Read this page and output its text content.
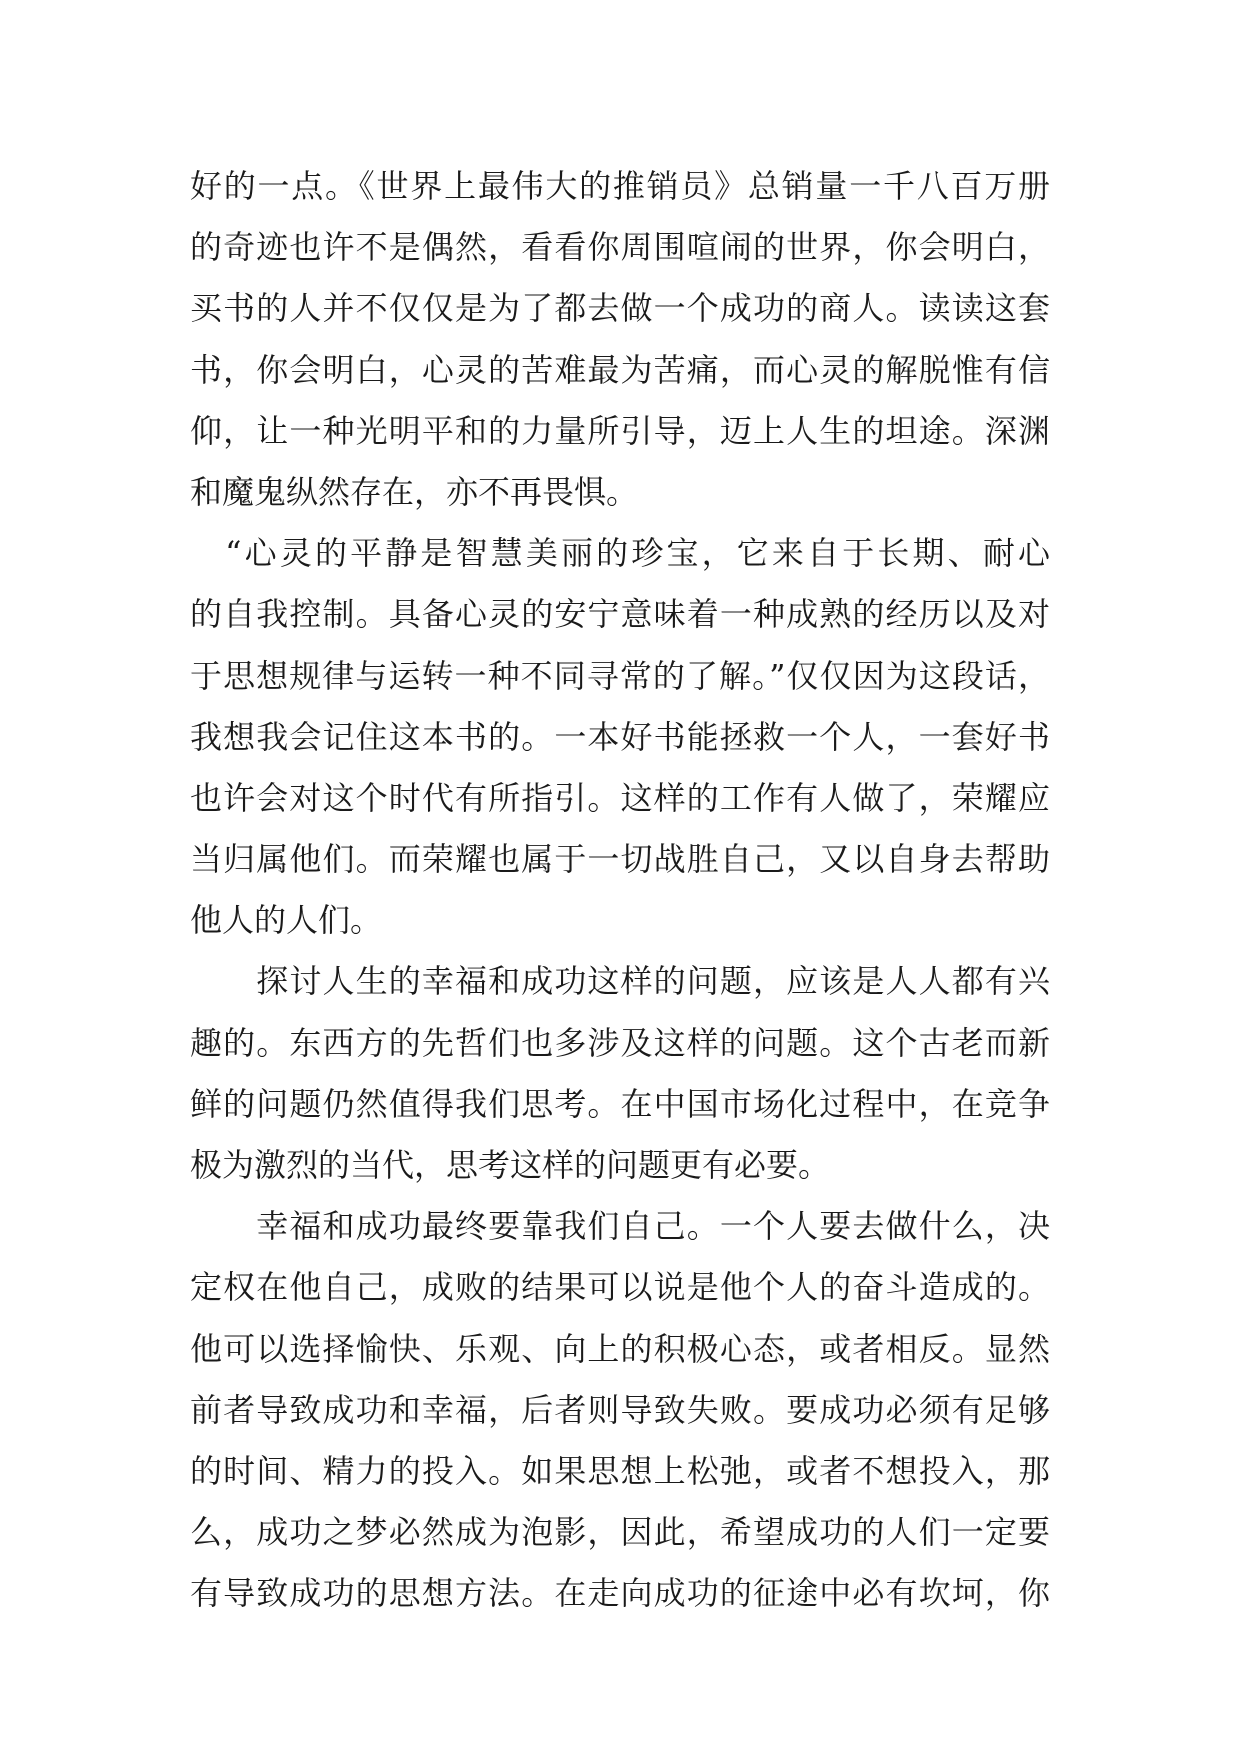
好的一点。《世界上最伟大的推销员》总销量一千八百万册
的奇迹也许不是偶然，看看你周围喧闹的世界，你会明白，
买书的人并不仅仅是为了都去做一个成功的商人。读读这套
书，你会明白，心灵的苦难最为苦痛，而心灵的解脱惟有信
仰，让一种光明平和的力量所引导，迈上人生的坦途。深渊
和魔鬼纵然存在，亦不再畏惧。
　“心灵的平静是智慧美丽的珍宝，它来自于长期、耐心
的自我控制。具备心灵的安宁意味着一种成熟的经历以及对
于思想规律与运转一种不同寻常的了解。”仅仅因为这段话，
我想我会记住这本书的。一本好书能拯救一个人，一套好书
也许会对这个时代有所指引。这样的工作有人做了，荣耀应
当归属他们。而荣耀也属于一切战胜自己，又以自身去帮助
他人的人们。
　　探讨人生的幸福和成功这样的问题，应该是人人都有兴
趣的。东西方的先哲们也多涉及这样的问题。这个古老而新
鲜的问题仍然值得我们思考。在中国市场化过程中，在竞争
极为激烈的当代，思考这样的问题更有必要。
　　幸福和成功最终要靠我们自己。一个人要去做什么，决
定权在他自己，成败的结果可以说是他个人的奋斗造成的。
他可以选择愉快、乐观、向上的积极心态，或者相反。显然
前者导致成功和幸福，后者则导致失败。要成功必须有足够
的时间、精力的投入。如果思想上松弛，或者不想投入，那
么，成功之梦必然成为泡影，因此，希望成功的人们一定要
有导致成功的思想方法。在走向成功的征途中必有坎坷，你
